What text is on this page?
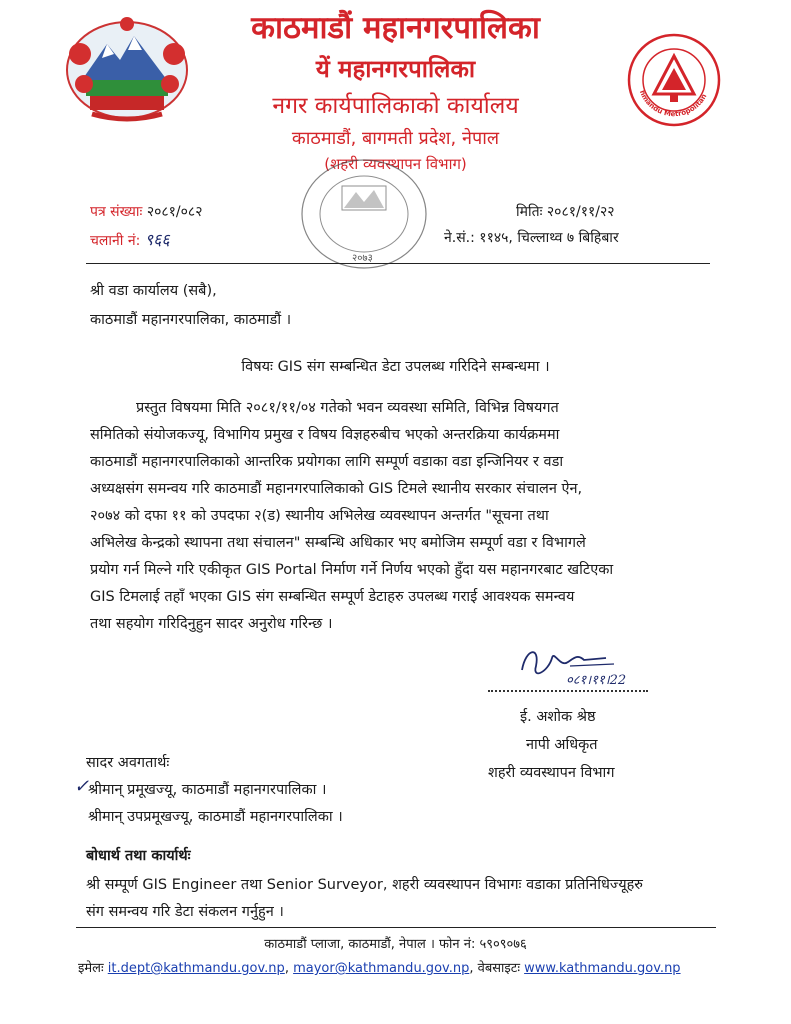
काठमाडौं महानगरपालिका
यें महानगरपालिका
नगर कार्यपालिकाको कार्यालय
काठमाडौं, बागमती प्रदेश, नेपाल
(शहरी व्यवस्थापन विभाग)
hmandu Metropolitan
पत्र संख्याः २०८१/०८२
चलानी नं: ९६६
२०७३
मितिः २०८१/११/२२
ने.सं.: ११४५, चिल्लाथ्व ७ बिहिबार
श्री वडा कार्यालय (सबै),
काठमाडौं महानगरपालिका, काठमाडौं ।
विषयः GIS संग सम्बन्धित डेटा उपलब्ध गरिदिने सम्बन्धमा ।
प्रस्तुत विषयमा मिति २०८१/११/०४ गतेको भवन व्यवस्था समिति, विभिन्न विषयगत
समितिको संयोजकज्यू, विभागिय प्रमुख र विषय विज्ञहरुबीच भएको अन्तरक्रिया कार्यक्रममा
काठमाडौं महानगरपालिकाको आन्तरिक प्रयोगका लागि सम्पूर्ण वडाका वडा इन्जिनियर र वडा
अध्यक्षसंग समन्वय गरि काठमाडौं महानगरपालिकाको GIS टिमले स्थानीय सरकार संचालन ऐन,
२०७४ को दफा ११ को उपदफा २(ड) स्थानीय अभिलेख व्यवस्थापन अन्तर्गत "सूचना तथा
अभिलेख केन्द्रको स्थापना तथा संचालन" सम्बन्धि अधिकार भए बमोजिम सम्पूर्ण वडा र विभागले
प्रयोग गर्न मिल्ने गरि एकीकृत GIS Portal निर्माण गर्ने निर्णय भएको हुँदा यस महानगरबाट खटिएका
GIS टिमलाई तहाँ भएका GIS संग सम्बन्धित सम्पूर्ण डेटाहरु उपलब्ध गराई आवश्यक समन्वय
तथा सहयोग गरिदिनुहुन सादर अनुरोध गरिन्छ ।
०८१।११।22
ई. अशोक श्रेष्ठ
नापी अधिकृत
शहरी व्यवस्थापन विभाग
सादर अवगतार्थः
✓
श्रीमान् प्रमूखज्यू, काठमाडौं महानगरपालिका ।
श्रीमान् उपप्रमूखज्यू, काठमाडौं महानगरपालिका ।
बोधार्थ तथा कार्यार्थः
श्री सम्पूर्ण GIS Engineer तथा Senior Surveyor, शहरी व्यवस्थापन विभागः वडाका प्रतिनिधिज्यूहरु
संग समन्वय गरि डेटा संकलन गर्नुहुन ।
काठमाडौं प्लाजा, काठमाडौं, नेपाल । फोन नं: ५९०९०७६
इमेलः it.dept@kathmandu.gov.np, mayor@kathmandu.gov.np, वेबसाइटः www.kathmandu.gov.np
